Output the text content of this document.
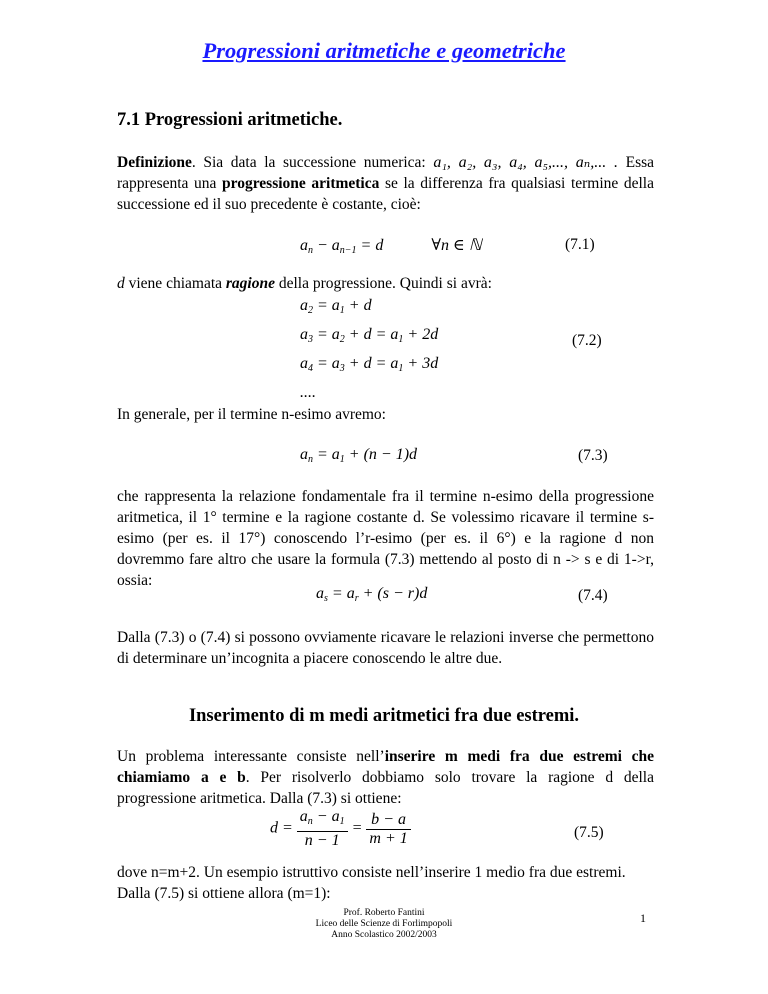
Progressioni aritmetiche e geometriche
7.1 Progressioni aritmetiche.
Definizione. Sia data la successione numerica: a₁, a₂, a₃, a₄, a₅,..., aₙ,... . Essa rappresenta una progressione aritmetica se la differenza fra qualsiasi termine della successione ed il suo precedente è costante, cioè:
$a_n - a_{n-1} = d$            ∀n ∈ ℕ	(7.1)
d viene chiamata ragione della progressione. Quindi si avrà:
$a_2 = a_1 + d$
$a_3 = a_2 + d = a_1 + 2d$
$a_4 = a_3 + d = a_1 + 3d$
....
(7.2)
In generale, per il termine n-esimo avremo:
$a_n = a_1 + (n - 1)d$	(7.3)
che rappresenta la relazione fondamentale fra il termine n-esimo della progressione aritmetica, il 1° termine e la ragione costante d. Se volessimo ricavare il termine s-esimo (per es. il 17°) conoscendo l’r-esimo (per es. il 6°) e la ragione d non dovremmo fare altro che usare la formula (7.3) mettendo al posto di n -> s e di 1->r, ossia:
$a_s = a_r + (s - r)d$	(7.4)
Dalla (7.3) o (7.4) si possono ovviamente ricavare le relazioni inverse che permettono di determinare un’incognita a piacere conoscendo le altre due.
Inserimento di m medi aritmetici fra due estremi.
Un problema interessante consiste nell’inserire m medi fra due estremi che chiamiamo a e b. Per risolverlo dobbiamo solo trovare la ragione d della progressione aritmetica. Dalla (7.3) si ottiene:
$d = \frac{a_n - a_1}{n - 1} = \frac{b - a}{m + 1}$	(7.5)
dove n=m+2. Un esempio istruttivo consiste nell’inserire 1 medio fra due estremi.
Dalla (7.5) si ottiene allora (m=1):
Prof. Roberto Fantini
Liceo delle Scienze di Forlimpopoli
Anno Scolastico 2002/2003
1
